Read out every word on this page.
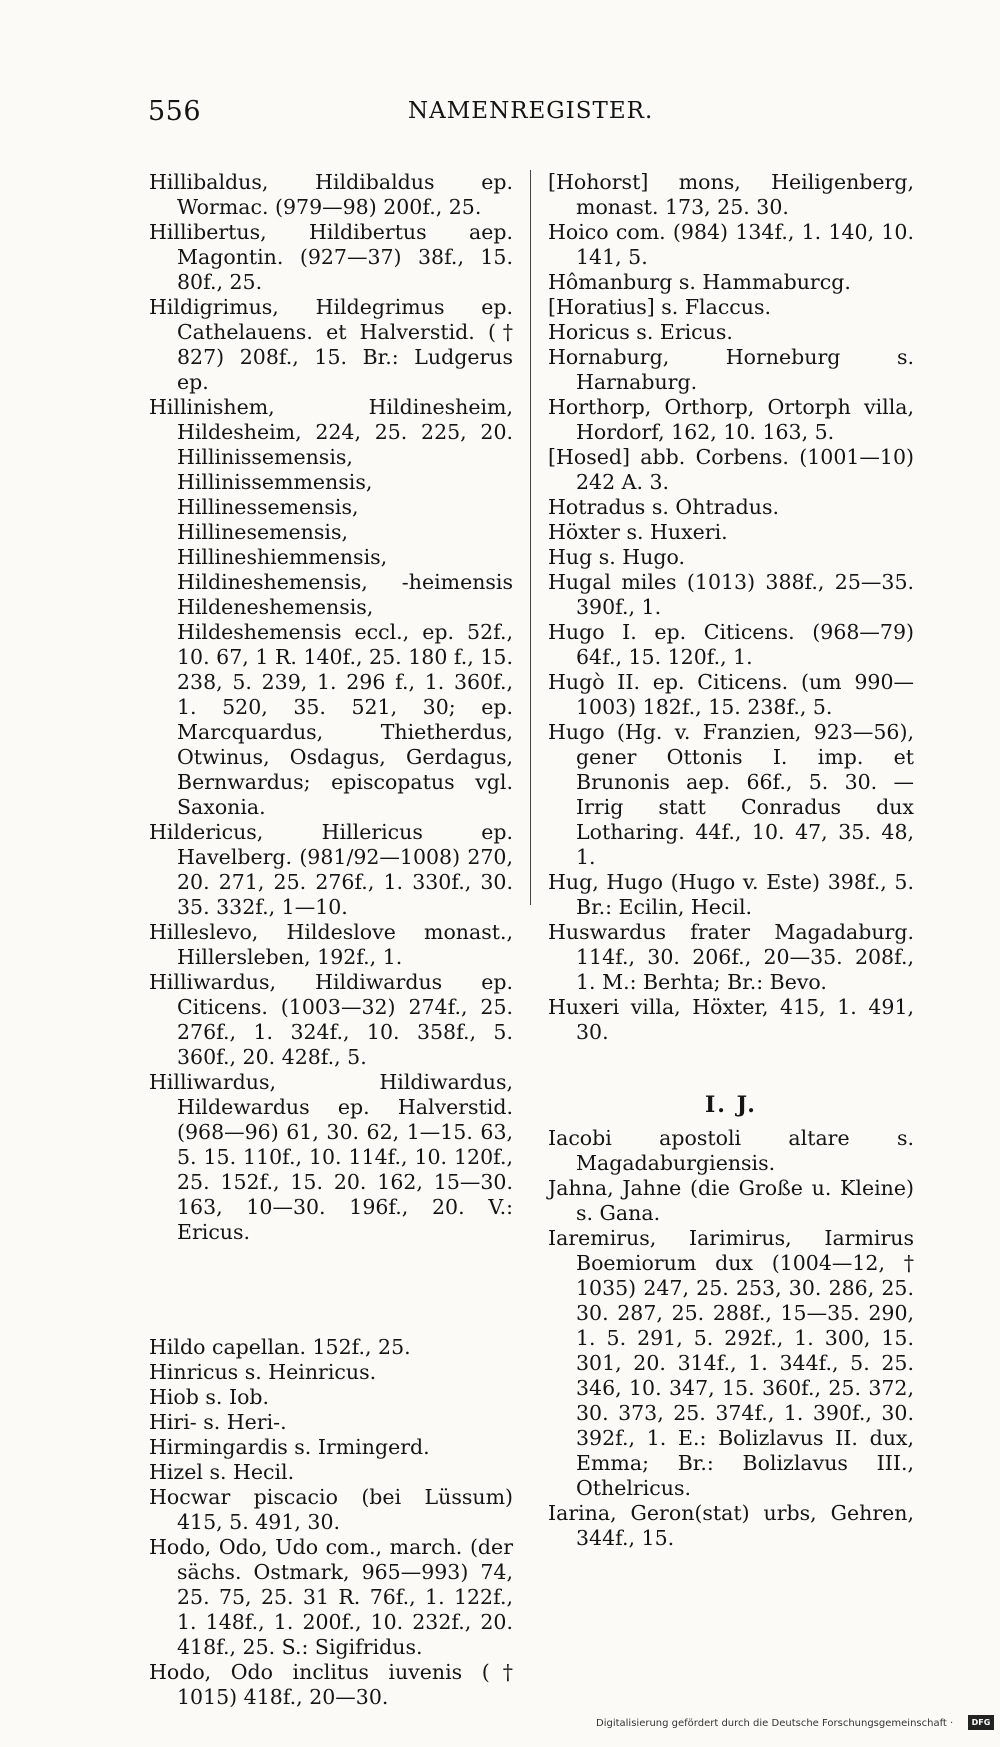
556	NAMENREGISTER.

Hillibaldus, Hildibaldus ep. Wormac. (979—98) 200f., 25.

Hillibertus, Hildibertus aep. Magontin. (927—37) 38f., 15. 80f., 25.

Hildigrimus, Hildegrimus ep. Cathelauens. et Halverstid. († 827) 208f., 15. Br.: Ludgerus ep.

Hillinishem, Hildinesheim, Hildesheim, 224, 25. 225, 20. Hillinissemensis, Hillinissemmensis, Hillinessemensis, Hillinesemensis, Hillineshiemmensis, Hildineshemensis, -heimensis Hildeneshemensis, Hildeshemensis eccl., ep. 52f., 10. 67, 1 R. 140f., 25. 180 f., 15. 238, 5. 239, 1. 296 f., 1. 360f., 1. 520, 35. 521, 30; ep. Marcquardus, Thietherdus, Otwinus, Osdagus, Gerdagus, Bernwardus; episcopatus vgl. Saxonia.

Hildericus, Hillericus ep. Havelberg. (981/92—1008) 270, 20. 271, 25. 276f., 1. 330f., 30. 35. 332f., 1—10.

Hilleslevo, Hildeslove monast., Hillersleben, 192f., 1.

Hilliwardus, Hildiwardus ep. Citicens. (1003—32) 274f., 25. 276f., 1. 324f., 10. 358f., 5. 360f., 20. 428f., 5.

Hilliwardus, Hildiwardus, Hildewardus ep. Halverstid. (968—96) 61, 30. 62, 1—15. 63, 5. 15. 110f., 10. 114f., 10. 120f., 25. 152f., 15. 20. 162, 15—30. 163, 10—30. 196f., 20. V.: Ericus.

Hildo capellan. 152f., 25.

Hinricus s. Heinricus.

Hiob s. Iob.

Hiri- s. Heri-.

Hirmingardis s. Irmingerd.

Hizel s. Hecil.

Hocwar piscacio (bei Lüssum) 415, 5. 491, 30.

Hodo, Odo, Udo com., march. (der sächs. Ostmark, 965—993) 74, 25. 75, 25. 31 R. 76f., 1. 122f., 1. 148f., 1. 200f., 10. 232f., 20. 418f., 25. S.: Sigifridus.

Hodo, Odo inclitus iuvenis († 1015) 418f., 20—30.

[Hohorst] mons, Heiligenberg, monast. 173, 25. 30.

Hoico com. (984) 134f., 1. 140, 10. 141, 5.

Hômanburg s. Hammaburcg.

[Horatius] s. Flaccus.

Horicus s. Ericus.

Hornaburg, Horneburg s. Harnaburg.

Horthorp, Orthorp, Ortorph villa, Hordorf, 162, 10. 163, 5.

[Hosed] abb. Corbens. (1001—10) 242 A. 3.

Hotradus s. Ohtradus.

Höxter s. Huxeri.

Hug s. Hugo.

Hugal miles (1013) 388f., 25—35. 390f., 1.

Hugo I. ep. Citicens. (968—79) 64f., 15. 120f., 1.

Hugò II. ep. Citicens. (um 990—1003) 182f., 15. 238f., 5.

Hugo (Hg. v. Franzien, 923—56), gener Ottonis I. imp. et Brunonis aep. 66f., 5. 30. — Irrig statt Conradus dux Lotharing. 44f., 10. 47, 35. 48, 1.

Hug, Hugo (Hugo v. Este) 398f., 5. Br.: Ecilin, Hecil.

Huswardus frater Magadaburg. 114f., 30. 206f., 20—35. 208f., 1. M.: Berhta; Br.: Bevo.

Huxeri villa, Höxter, 415, 1. 491, 30.

I. J.

Iacobi apostoli altare s. Magadaburgiensis.

Jahna, Jahne (die Große u. Kleine) s. Gana.

Iaremirus, Iarimirus, Iarmirus Boemiorum dux (1004—12, † 1035) 247, 25. 253, 30. 286, 25. 30. 287, 25. 288f., 15—35. 290, 1. 5. 291, 5. 292f., 1. 300, 15. 301, 20. 314f., 1. 344f., 5. 25. 346, 10. 347, 15. 360f., 25. 372, 30. 373, 25. 374f., 1. 390f., 30. 392f., 1. E.: Bolizlavus II. dux, Emma; Br.: Bolizlavus III., Othelricus.

Iarina, Geron(stat) urbs, Gehren, 344f., 15.

Digitalisierung gefördert durch die Deutsche Forschungsgemeinschaft ·	DFG
